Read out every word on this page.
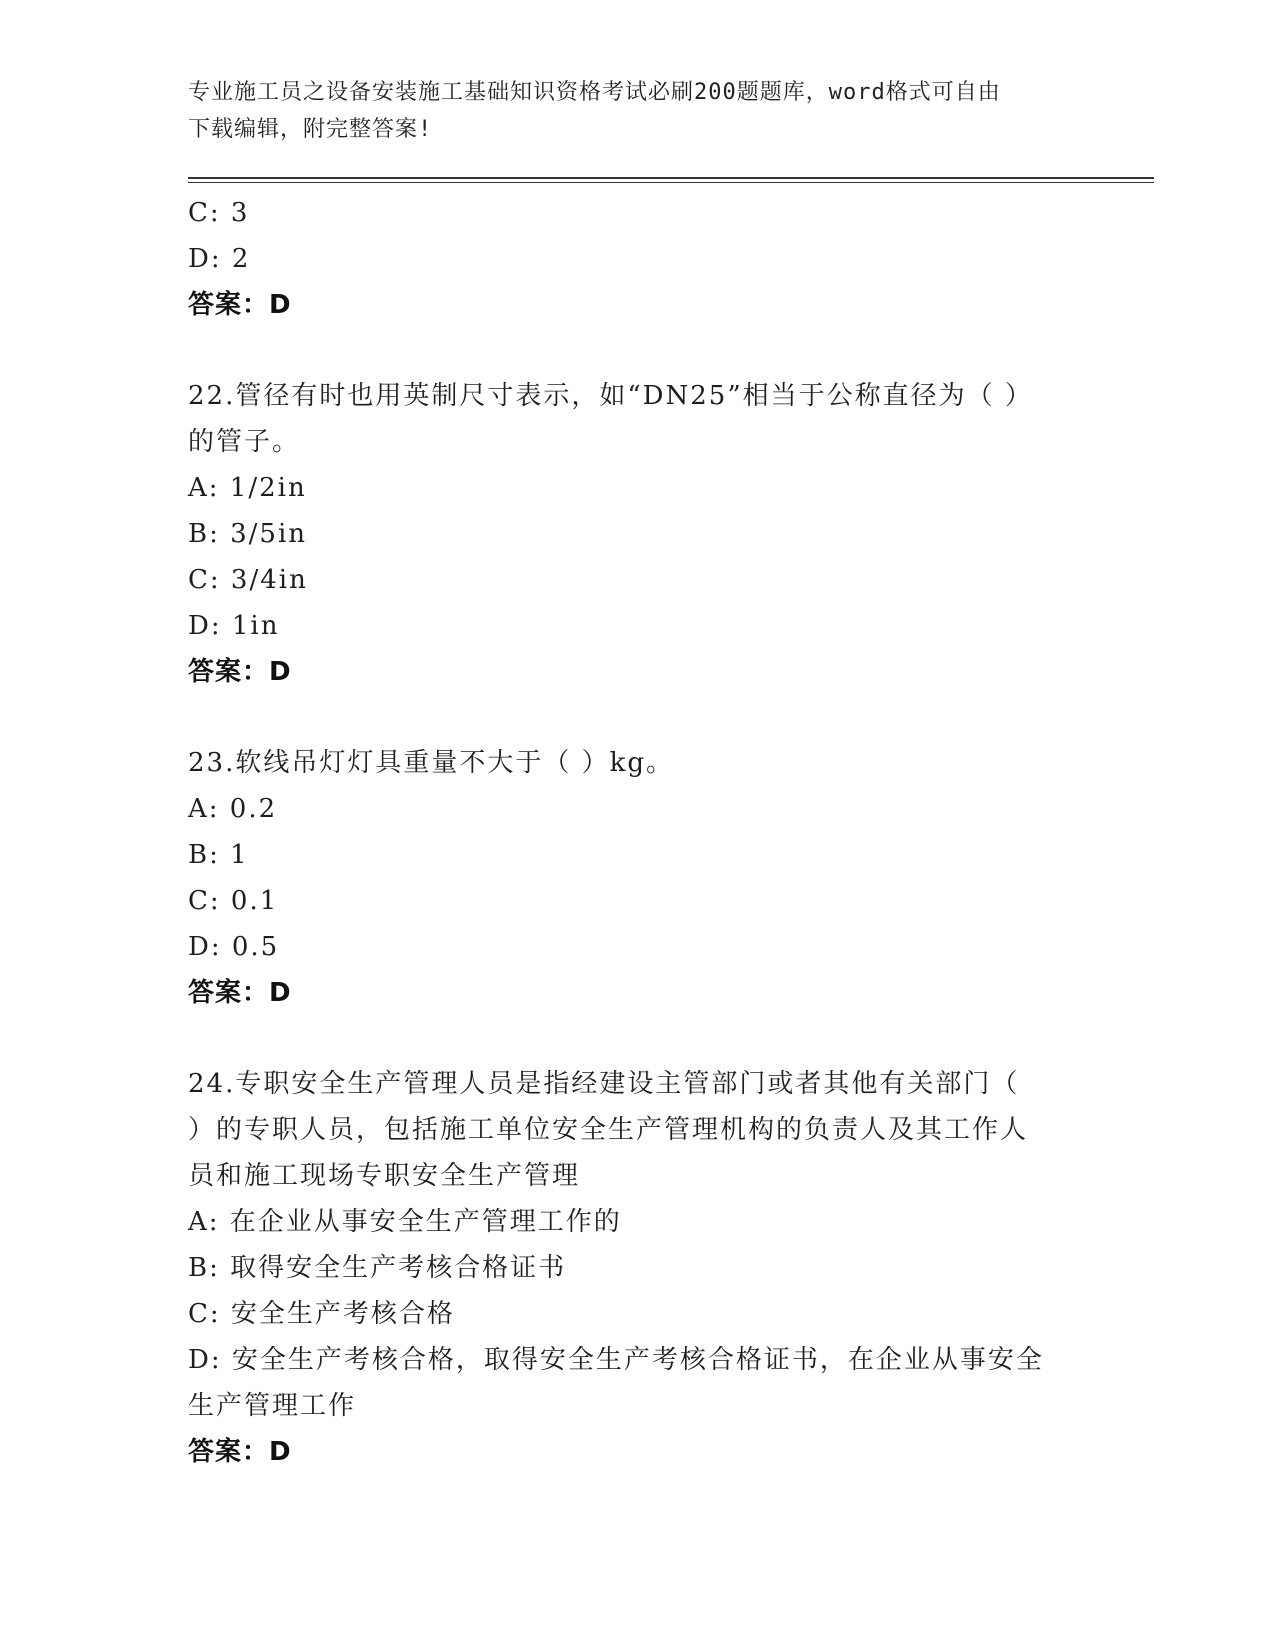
专业施工员之设备安装施工基础知识资格考试必刷200题题库，word格式可自由
下载编辑，附完整答案!
C: 3
D: 2
答案：D
22.管径有时也用英制尺寸表示，如“DN25”相当于公称直径为（ ）
的管子。
A: 1/2in
B: 3/5in
C: 3/4in
D: 1in
答案：D
23.软线吊灯灯具重量不大于（ ）kg。
A: 0.2
B: 1
C: 0.1
D: 0.5
答案：D
24.专职安全生产管理人员是指经建设主管部门或者其他有关部门（
）的专职人员，包括施工单位安全生产管理机构的负责人及其工作人
员和施工现场专职安全生产管理
A: 在企业从事安全生产管理工作的
B: 取得安全生产考核合格证书
C: 安全生产考核合格
D: 安全生产考核合格，取得安全生产考核合格证书，在企业从事安全
生产管理工作
答案：D
